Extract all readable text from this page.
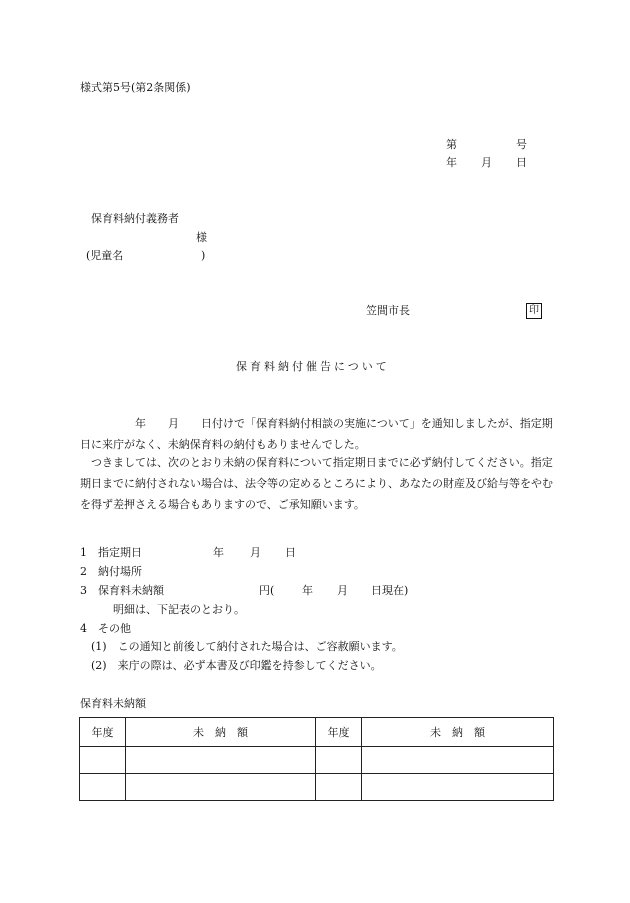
様式第5号(第2条関係)
第	号
年 月 日
保育料納付義務者
様
(児童名	)
笠間市長	印
保育料納付催告について

　　　　　年　　月　　日付けで「保育料納付相談の実施について」を通知しましたが、指定期日に来庁がなく、未納保育料の納付もありませんでした。

　つきましては、次のとおり未納の保育料について指定期日までに必ず納付してください。指定期日までに納付されない場合は、法令等の定めるところにより、あなたの財産及び給与等をやむを得ず差押さえる場合もありますので、ご承知願います。

1　指定期日	年 月 日
2　納付場所
3　保育料未納額	円(	年 月 日現在)
明細は、下記表のとおり。
4　その他
(1)　この通知と前後して納付された場合は、ご容赦願います。
(2)　来庁の際は、必ず本書及び印鑑を持参してください。
保育料未納額
年度	未　納　額	年度	未　納　額
